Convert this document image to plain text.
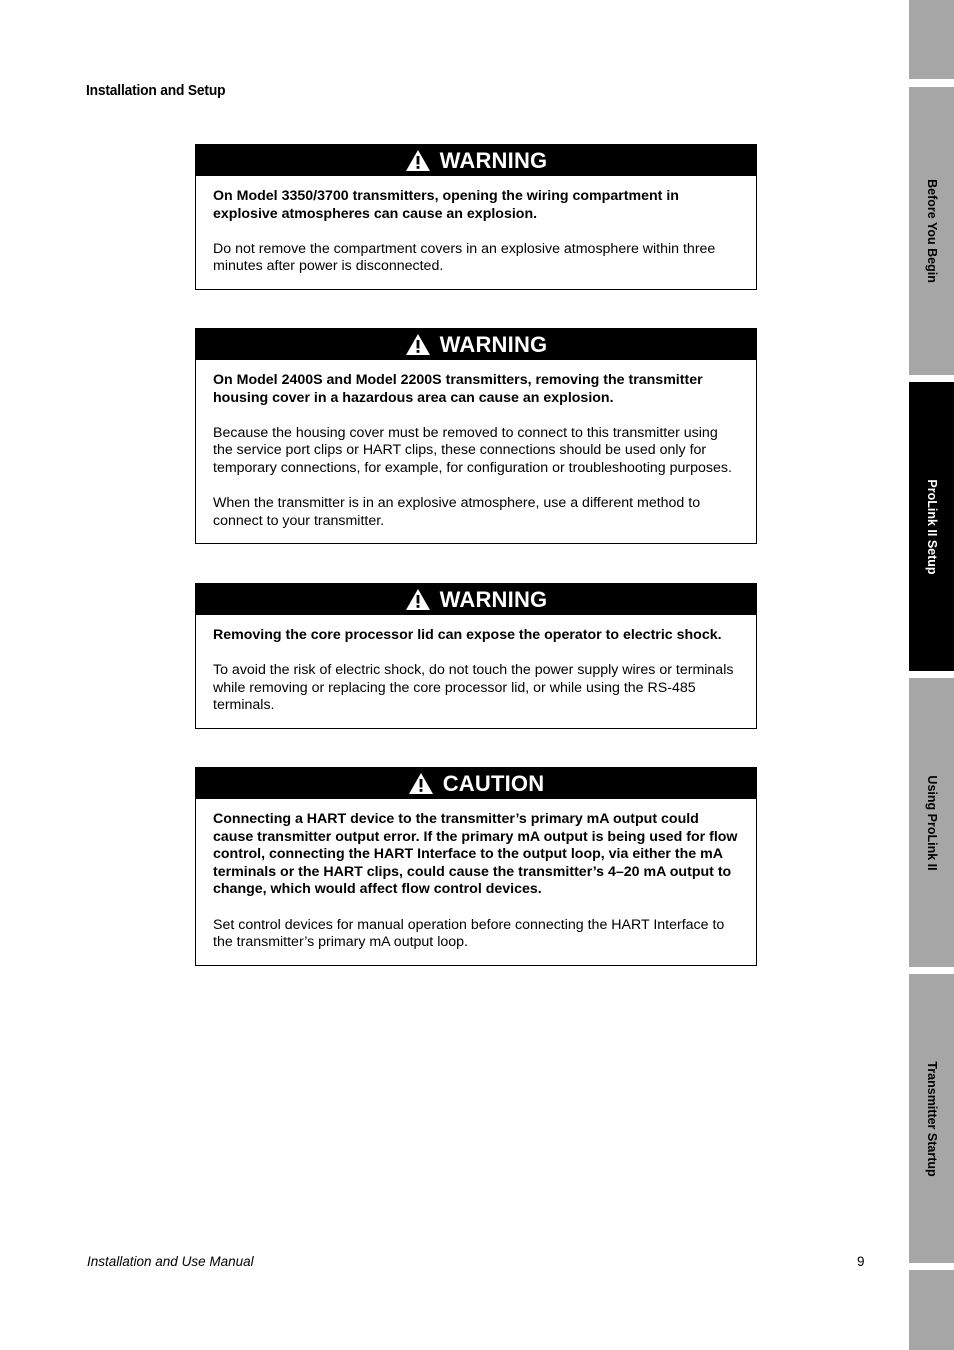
Installation and Setup
WARNING

On Model 3350/3700 transmitters, opening the wiring compartment in explosive atmospheres can cause an explosion.

Do not remove the compartment covers in an explosive atmosphere within three minutes after power is disconnected.

WARNING

On Model 2400S and Model 2200S transmitters, removing the transmitter housing cover in a hazardous area can cause an explosion.

Because the housing cover must be removed to connect to this transmitter using the service port clips or HART clips, these connections should be used only for temporary connections, for example, for configuration or troubleshooting purposes.

When the transmitter is in an explosive atmosphere, use a different method to connect to your transmitter.

WARNING

Removing the core processor lid can expose the operator to electric shock.

To avoid the risk of electric shock, do not touch the power supply wires or terminals while removing or replacing the core processor lid, or while using the RS-485 terminals.

CAUTION

Connecting a HART device to the transmitter’s primary mA output could cause transmitter output error. If the primary mA output is being used for flow control, connecting the HART Interface to the output loop, via either the mA terminals or the HART clips, could cause the transmitter’s 4–20 mA output to change, which would affect flow control devices.

Set control devices for manual operation before connecting the HART Interface to the transmitter’s primary mA output loop.

Before You Begin
ProLink II Setup
Using ProLink II
Transmitter Startup
Installation and Use Manual	9
